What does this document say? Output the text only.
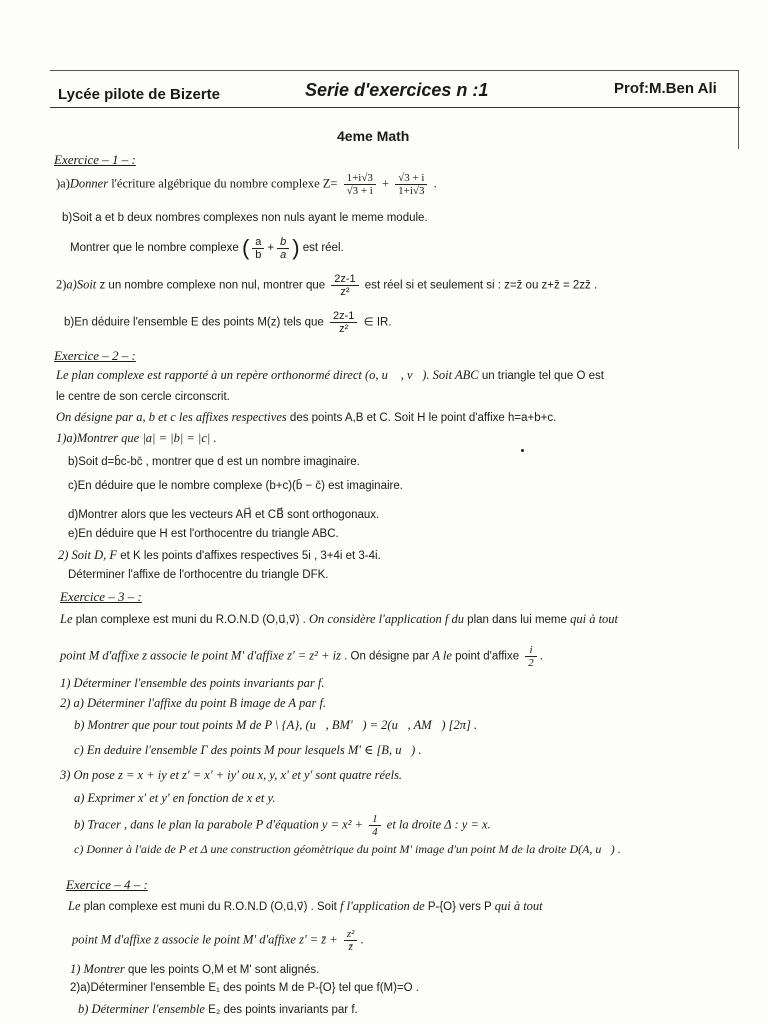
Lycée pilote de Bizerte	Serie d'exercices n :1	Prof:M.Ben Ali
4eme Math
Exercice – 1 – :
)a)Donner l'écriture algébrique du nombre complexe $Z= \frac{1+i√3}{√3 + i} + \frac{√3 + i}{1+i√3}$ .
b)Soit a et b deux nombres complexes non nuls ayant le meme module.
Montrer que le nombre complexe ( $\frac{a}{b} + \frac{b}{a}$ ) est réel.
2)a)Soit z un nombre complexe non nul, montrer que $\frac{2z-1}{\text{z²}}$ est réel si et seulement si : z=z̄ ou z+z̄ = 2zz̄ .
b)En déduire l'ensemble E des points M(z) tels que $\frac{2z-1}{\text{z²}}$ ∈ IR.
Exercice – 2 – :
Le plan complexe est rapporté à un repère orthonormé direct (o, u⃗ , v⃗). Soit ABC un triangle tel que O est
le centre de son cercle circonscrit.
On désigne par a, b et c les affixes respectives des points A,B et C. Soit H le point d'affixe h=a+b+c.
1)a)Montrer que |a| = |b| = |c| .
b)Soit d=b̄c-bc̄ , montrer que d est un nombre imaginaire.
c)En déduire que le nombre complexe (b+c)(b̄ − c̄) est imaginaire.
d)Montrer alors que les vecteurs AH⃗ et CB⃗ sont orthogonaux.
e)En déduire que H est l'orthocentre du triangle ABC.
2) Soit D, F et K les points d'affixes respectives 5i , 3+4i et 3-4i.
Déterminer l'affixe de l'orthocentre du triangle DFK.
Exercice – 3 – :
Le plan complexe est muni du R.O.N.D (O,u⃗,v⃗) . On considère l'application f du plan dans lui meme qui à tout
point M d'affixe z associe le point M' d'affixe z' = z² + iz . On désigne par A le point d'affixe $\frac{i}{2}$ .
1) Déterminer l'ensemble des points invariants par f.
2) a) Déterminer l'affixe du point B image de A par f.
b) Montrer que pour tout points M de P \ {A}, (u⃗, BM'⃗) = 2(u⃗, AM⃗) [2π] .
c) En deduire l'ensemble Γ des points M pour lesquels M' ∈ [B, u⃗) .
3) On pose z = x + iy et z' = x' + iy' ou x, y, x' et y' sont quatre réels.
a) Exprimer x' et y' en fonction de x et y.
b) Tracer , dans le plan la parabole P d'équation $y = x^2 + \frac{1}{4}$ et la droite Δ : y = x.
c) Donner à l'aide de P et Δ une construction géomètrique du point M' image d'un point M de la droite D(A, u⃗) .
Exercice – 4 – :
Le plan complexe est muni du R.O.N.D (O,u⃗,v⃗) . Soit f l'application de P-{O} vers P qui à tout
point M d'affixe z associe le point M' d'affixe z' = z̄ + $\frac{\text{z²}}{z̄}$ .
1) Montrer que les points O,M et M' sont alignés.
2)a)Déterminer l'ensemble E₁ des points M de P-{O} tel que f(M)=O .
b) Déterminer l'ensemble E₂ des points invariants par f.
